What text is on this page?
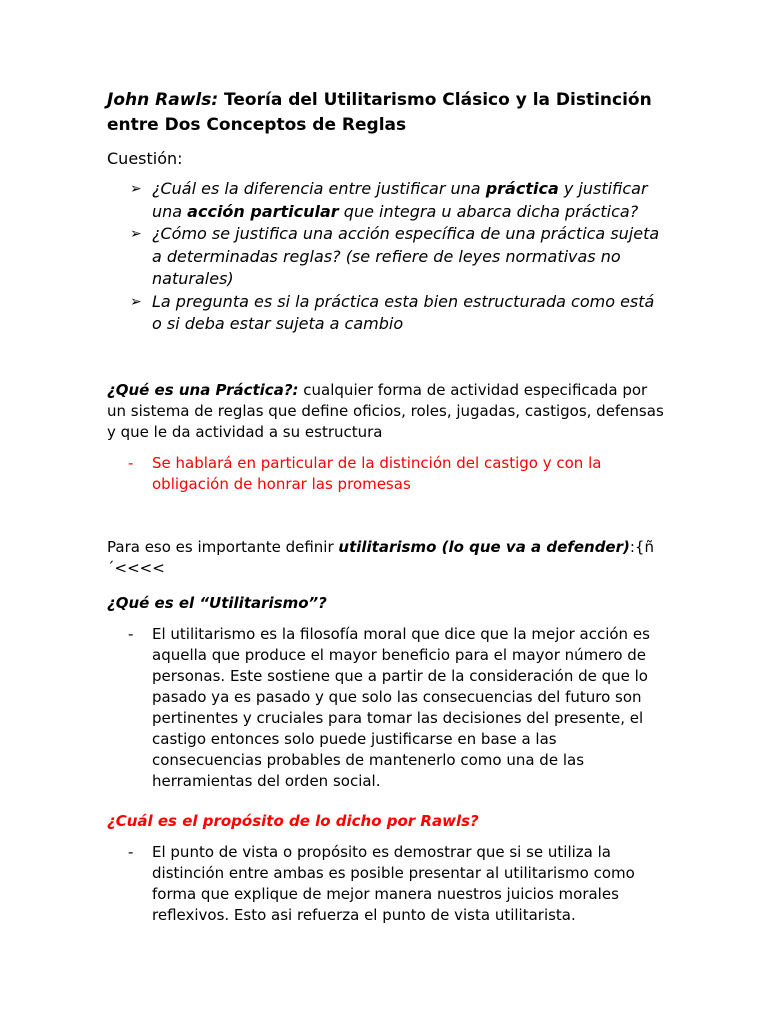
John Rawls: Teoría del Utilitarismo Clásico y la Distinción entre Dos Conceptos de Reglas
Cuestión:
➢ ¿Cuál es la diferencia entre justificar una práctica y justificar una acción particular que integra u abarca dicha práctica?
➢ ¿Cómo se justifica una acción específica de una práctica sujeta a determinadas reglas? (se refiere de leyes normativas no naturales)
➢ La pregunta es si la práctica esta bien estructurada como está o si deba estar sujeta a cambio

¿Qué es una Práctica?: cualquier forma de actividad especificada por un sistema de reglas que define oficios, roles, jugadas, castigos, defensas y que le da actividad a su estructura

- Se hablará en particular de la distinción del castigo y con la obligación de honrar las promesas

Para eso es importante definir utilitarismo (lo que va a defender):{ñ´<<<<

¿Qué es el “Utilitarismo”?
- El utilitarismo es la filosofía moral que dice que la mejor acción es aquella que produce el mayor beneficio para el mayor número de personas. Este sostiene que a partir de la consideración de que lo pasado ya es pasado y que solo las consecuencias del futuro son pertinentes y cruciales para tomar las decisiones del presente, el castigo entonces solo puede justificarse en base a las consecuencias probables de mantenerlo como una de las herramientas del orden social.
¿Cuál es el propósito de lo dicho por Rawls?
- El punto de vista o propósito es demostrar que si se utiliza la distinción entre ambas es posible presentar al utilitarismo como forma que explique de mejor manera nuestros juicios morales reflexivos. Esto asi refuerza el punto de vista utilitarista.
